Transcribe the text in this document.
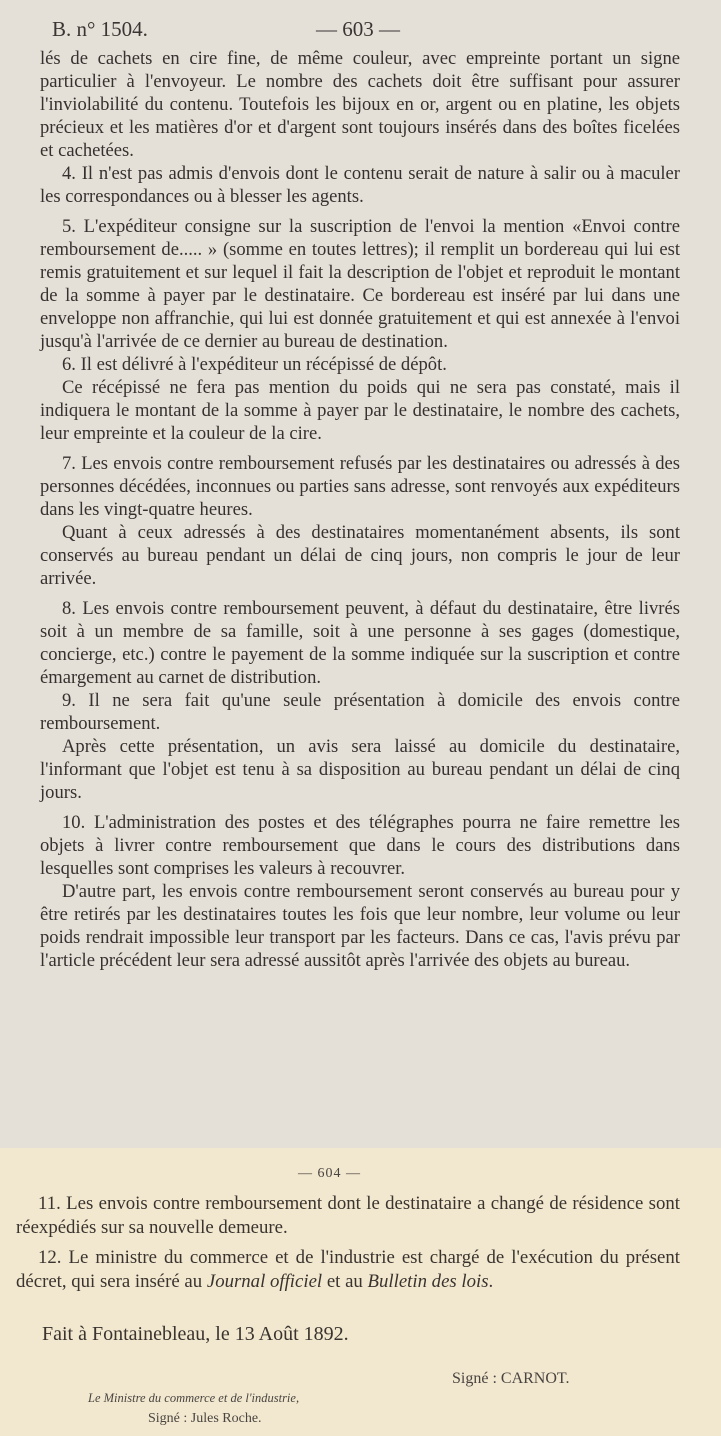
B. n° 1504.	— 603 —

lés de cachets en cire fine, de même couleur, avec empreinte portant un signe particulier à l'envoyeur. Le nombre des cachets doit être suffisant pour assurer l'inviolabilité du contenu. Toutefois les bijoux en or, argent ou en platine, les objets précieux et les matières d'or et d'argent sont toujours insérés dans des boîtes ficelées et cachetées.

4. Il n'est pas admis d'envois dont le contenu serait de nature à salir ou à maculer les correspondances ou à blesser les agents.

5. L'expéditeur consigne sur la suscription de l'envoi la mention «Envoi contre remboursement de..... » (somme en toutes lettres); il remplit un bordereau qui lui est remis gratuitement et sur lequel il fait la description de l'objet et reproduit le montant de la somme à payer par le destinataire. Ce bordereau est inséré par lui dans une enveloppe non affranchie, qui lui est donnée gratuitement et qui est annexée à l'envoi jusqu'à l'arrivée de ce dernier au bureau de destination.

6. Il est délivré à l'expéditeur un récépissé de dépôt.

Ce récépissé ne fera pas mention du poids qui ne sera pas constaté, mais il indiquera le montant de la somme à payer par le destinataire, le nombre des cachets, leur empreinte et la couleur de la cire.

7. Les envois contre remboursement refusés par les destinataires ou adressés à des personnes décédées, inconnues ou parties sans adresse, sont renvoyés aux expéditeurs dans les vingt-quatre heures.

Quant à ceux adressés à des destinataires momentanément absents, ils sont conservés au bureau pendant un délai de cinq jours, non compris le jour de leur arrivée.

8. Les envois contre remboursement peuvent, à défaut du destinataire, être livrés soit à un membre de sa famille, soit à une personne à ses gages (domestique, concierge, etc.) contre le payement de la somme indiquée sur la suscription et contre émargement au carnet de distribution.

9. Il ne sera fait qu'une seule présentation à domicile des envois contre remboursement.

Après cette présentation, un avis sera laissé au domicile du destinataire, l'informant que l'objet est tenu à sa disposition au bureau pendant un délai de cinq jours.

10. L'administration des postes et des télégraphes pourra ne faire remettre les objets à livrer contre remboursement que dans le cours des distributions dans lesquelles sont comprises les valeurs à recouvrer.

D'autre part, les envois contre remboursement seront conservés au bureau pour y être retirés par les destinataires toutes les fois que leur nombre, leur volume ou leur poids rendrait impossible leur transport par les facteurs. Dans ce cas, l'avis prévu par l'article précédent leur sera adressé aussitôt après l'arrivée des objets au bureau.

— 604 —

11. Les envois contre remboursement dont le destinataire a changé de résidence sont réexpédiés sur sa nouvelle demeure.

12. Le ministre du commerce et de l'industrie est chargé de l'exécution du présent décret, qui sera inséré au Journal officiel et au Bulletin des lois.

Fait à Fontainebleau, le 13 Août 1892.
Signé : CARNOT.
Le Ministre du commerce et de l'industrie,
Signé : Jules Roche.
